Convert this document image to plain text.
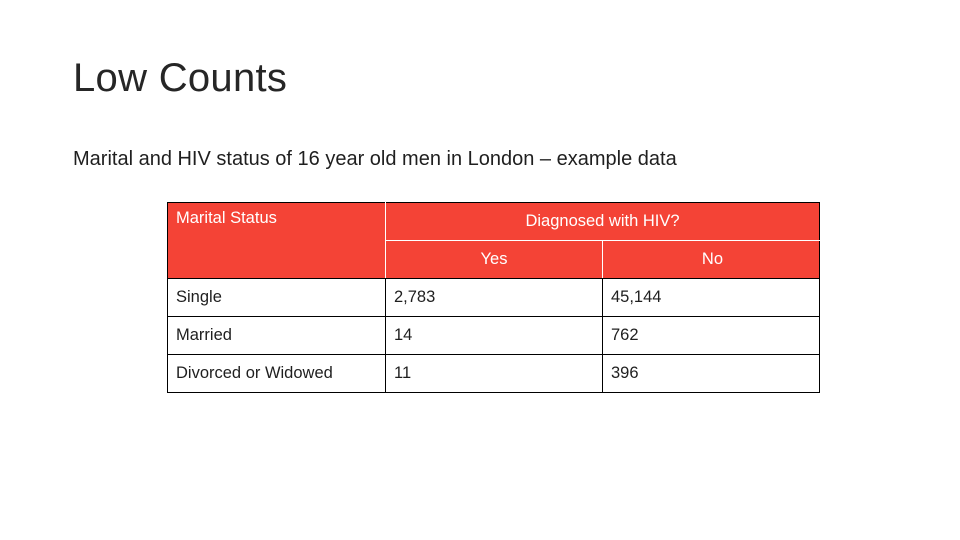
Low Counts

Marital and HIV status of 16 year old men in London – example data

Marital Status	Diagnosed with HIV?	
	Yes	No
Single	2,783	45,144
Married	14	762
Divorced or Widowed	11	396
